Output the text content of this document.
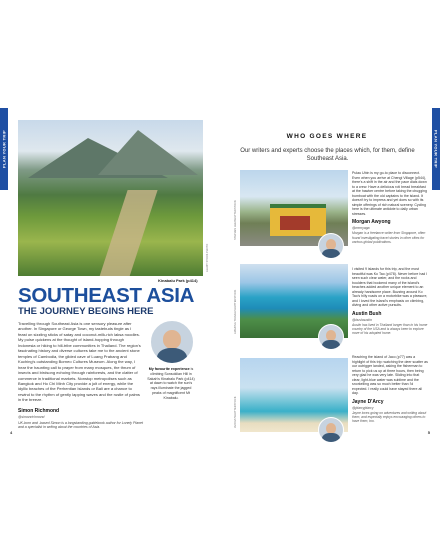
PLAN YOUR TRIP	PLAN YOUR TRIP
Kinabalu Park (p414)
ALAMY STOCK PHOTO
SOUTHEAST ASIA
THE JOURNEY BEGINS HERE

Travelling through Southeast Asia is one sensory pleasure after another. In Singapore or George Town, my tastebuds tingle as I feast on sizzling sticks of satay and coconut-milk-rich laksa noodles. My pulse quickens at the thought of island-hopping through Indonesia or hiking to hill-tribe communities in Thailand. The region's fascinating history and diverse cultures take me to the ancient stone temples of Cambodia, the gilded cave of Luang Prabang and Kuching's outstanding Borneo Cultures Museum. Along the way, I hear the haunting call to prayer from many mosques, the thrum of insects and birdsong echoing through rainforests, and the clatter of commerce in traditional markets. Nonstop metropolises such as Bangkok and Ho Chi Minh City provide a jolt of energy, while the idyllic beaches of the Perhentian Islands or Bali are a chance to rewind to the rhythm of gently lapping waves and the rustle of palms in the breeze.

Simon Richmond
@simonrichmond
UK-born and -based Simon is a longstanding guidebook author for Lonely Planet and a specialist in writing about the countries of Asia.
My favourite experience is climbing Sonsoklian Hill in Sakah's Kinabalu Park (p414) at dawn to watch the sun's rays illuminate the jagged peaks of magnificent Mt Kinabalu.
WHO GOES WHERE
Our writers and experts choose the places which, for them, define Southeast Asia.
STEPHEN LEE/SHUTTERSTOCK
AMAZING TRAVEL/SHUTTERSTOCK
AVOIGT/SHUTTERSTOCK

Pulau Ubin is my go-to place to disconnect. Even when you arrive at Chengi Village (p544), there's a shift in the air and the pace dials down to a crew. Have a delicious roti bread breakfast at the hawker centre before taking the chugging bumboat with the old captains to the island. It doesn't try to impress and yet does so with its simple offerings of rich natural scenery. Cycling here is the ultimate antidote to daily urban stresses.

Morgan Awyong
@mrmyaga
Morgan is a freelance writer from Singapore, often found investigating travel stories in other cities for various global publications.

I visited 9 islands for this trip, and the most beautiful was Ko Tao (p478). Never before had I seen such clear water, and the rocks and boulders that bookend many of the island's beaches added another unique element to an already handsome place. Buzzing around Ko Tao's hilly roads on a motorbike was a pleasure, and I loved the island's emphasis on climbing, diving and other active pursuits.

Austin Bush
@bushaustin
Austin has lived in Thailand longer than in his home country of the USA and is always keen to explore more of his adopted home.

Reaching the island of Jaco (p77) was a highlight of this trip: watching the deer scatter as our outrigger landed, asking the fisherman to return to pick us up at three hours, then being very glad he was very late. Sliding into that clear, light-blue water was sublime and the snorkelling was so much better than I'd expected. I really could have stayed there all day.

Jayne D'Arcy
@jdarcyjdarcy
Jayne loves going on adventures and writing about them, and especially enjoys encouraging others to have them, too.
4	5
